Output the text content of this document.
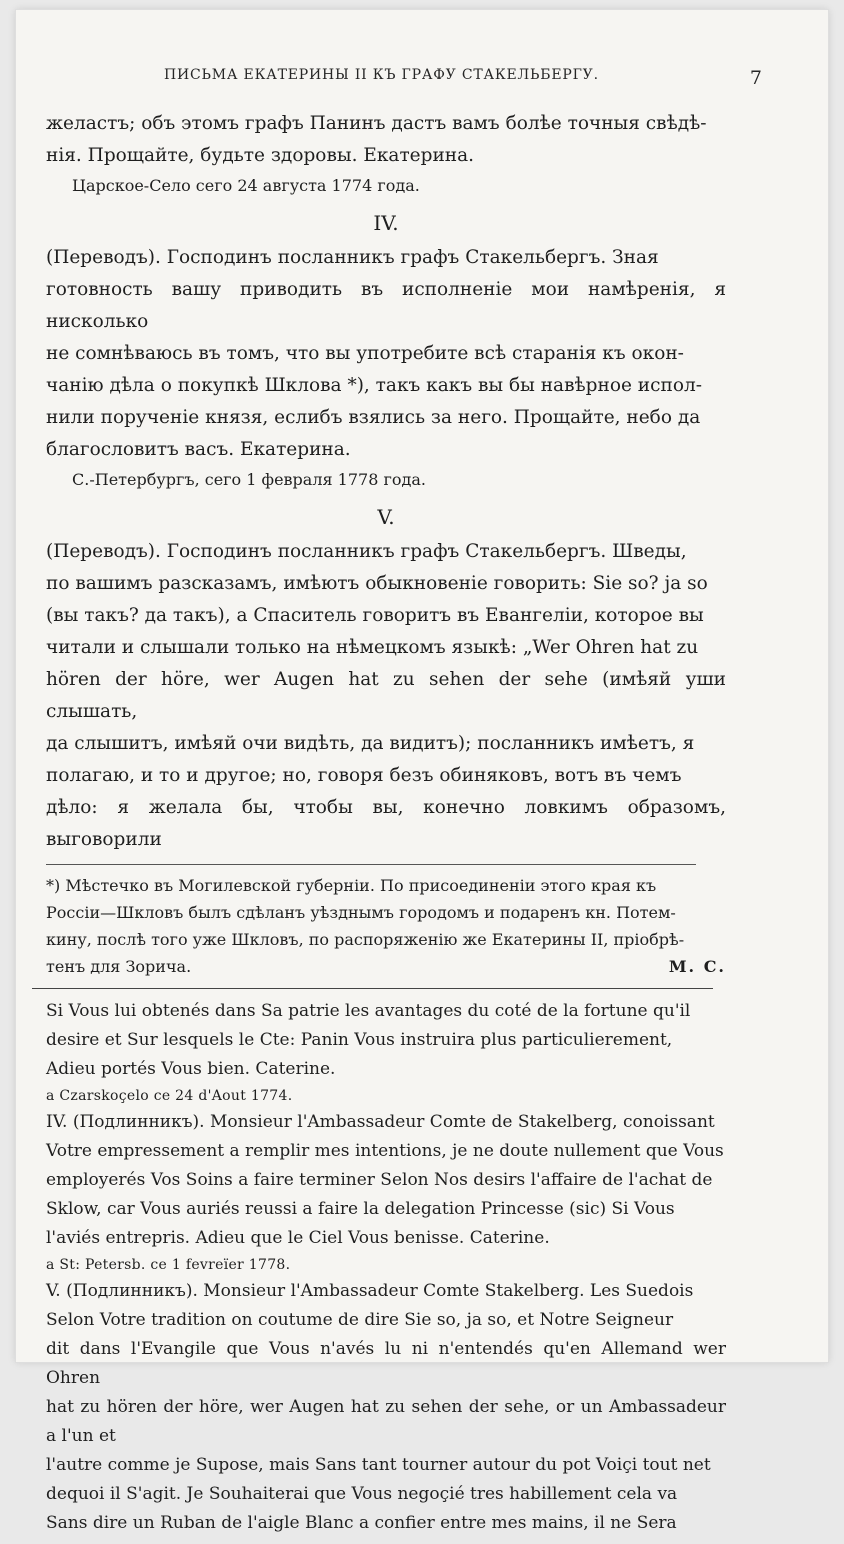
ПИСЬМА ЕКАТЕРИНЫ II КЪ ГРАФУ СТАКЕЛЬБЕРГУ.	7

желастъ; объ этомъ графъ Панинъ дастъ вамъ болѣе точныя свѣдѣ-
нія. Прощайте, будьте здоровы. Екатерина.

Царское-Село сего 24 августа 1774 года.

IV.

(Переводъ). Господинъ посланникъ графъ Стакельбергъ. Зная
готовность вашу приводить въ исполненіе мои намѣренія, я нисколько
не сомнѣваюсь въ томъ, что вы употребите всѣ старанія къ окон-
чанію дѣла о покупкѣ Шклова *), такъ какъ вы бы навѣрное испол-
нили порученіе князя, еслибъ взялись за него. Прощайте, небо да
благословитъ васъ. Екатерина.

С.-Петербургъ, сего 1 февраля 1778 года.

V.

(Переводъ). Господинъ посланникъ графъ Стакельбергъ. Шведы,
по вашимъ разсказамъ, имѣютъ обыкновеніе говорить: Sie so? ja so
(вы такъ? да такъ), а Спаситель говоритъ въ Евангеліи, которое вы
читали и слышали только на нѣмецкомъ языкѣ: „Wer Ohren hat zu
hören der höre, wer Augen hat zu sehen der sehe (имѣяй уши слышать,
да слышитъ, имѣяй очи видѣть, да видитъ); посланникъ имѣетъ, я
полагаю, и то и другое; но, говоря безъ обиняковъ, вотъ въ чемъ
дѣло: я желала бы, чтобы вы, конечно ловкимъ образомъ, выговорили

*) Мѣстечко въ Могилевской губерніи. По присоединеніи этого края къ
Россіи—Шкловъ былъ сдѣланъ уѣзднымъ городомъ и подаренъ кн. Потем-
кину, послѣ того уже Шкловъ, по распоряженію же Екатерины II, пріобрѣ-

тенъ для Зорича.	М. С.

Si Vous lui obtenés dans Sa patrie les avantages du coté de la fortune qu'il
desire et Sur lesquels le Cte: Panin Vous instruira plus particulierement,
Adieu portés Vous bien. Caterine.

a Czarskoçelo ce 24 d'Aout 1774.

IV. (Подлинникъ). Monsieur l'Ambassadeur Comte de Stakelberg, conoissant
Votre empressement a remplir mes intentions, je ne doute nullement que Vous
employerés Vos Soins a faire terminer Selon Nos desirs l'affaire de l'achat de
Sklow, car Vous auriés reussi a faire la delegation Princesse (sic) Si Vous
l'aviés entrepris. Adieu que le Ciel Vous benisse. Caterine.

a St: Petersb. ce 1 fevreïer 1778.

V. (Подлинникъ). Monsieur l'Ambassadeur Comte Stakelberg. Les Suedois
Selon Votre tradition on coutume de dire Sie so, ja so, et Notre Seigneur
dit dans l'Evangile que Vous n'avés lu ni n'entendés qu'en Allemand wer Ohren
hat zu hören der höre, wer Augen hat zu sehen der sehe, or un Ambassadeur a l'un et
l'autre comme je Supose, mais Sans tant tourner autour du pot Voiçi tout net
dequoi il S'agit. Je Souhaiterai que Vous negoçié tres habillement cela va
Sans dire un Ruban de l'aigle Blanc a confier entre mes mains, il ne Sera
